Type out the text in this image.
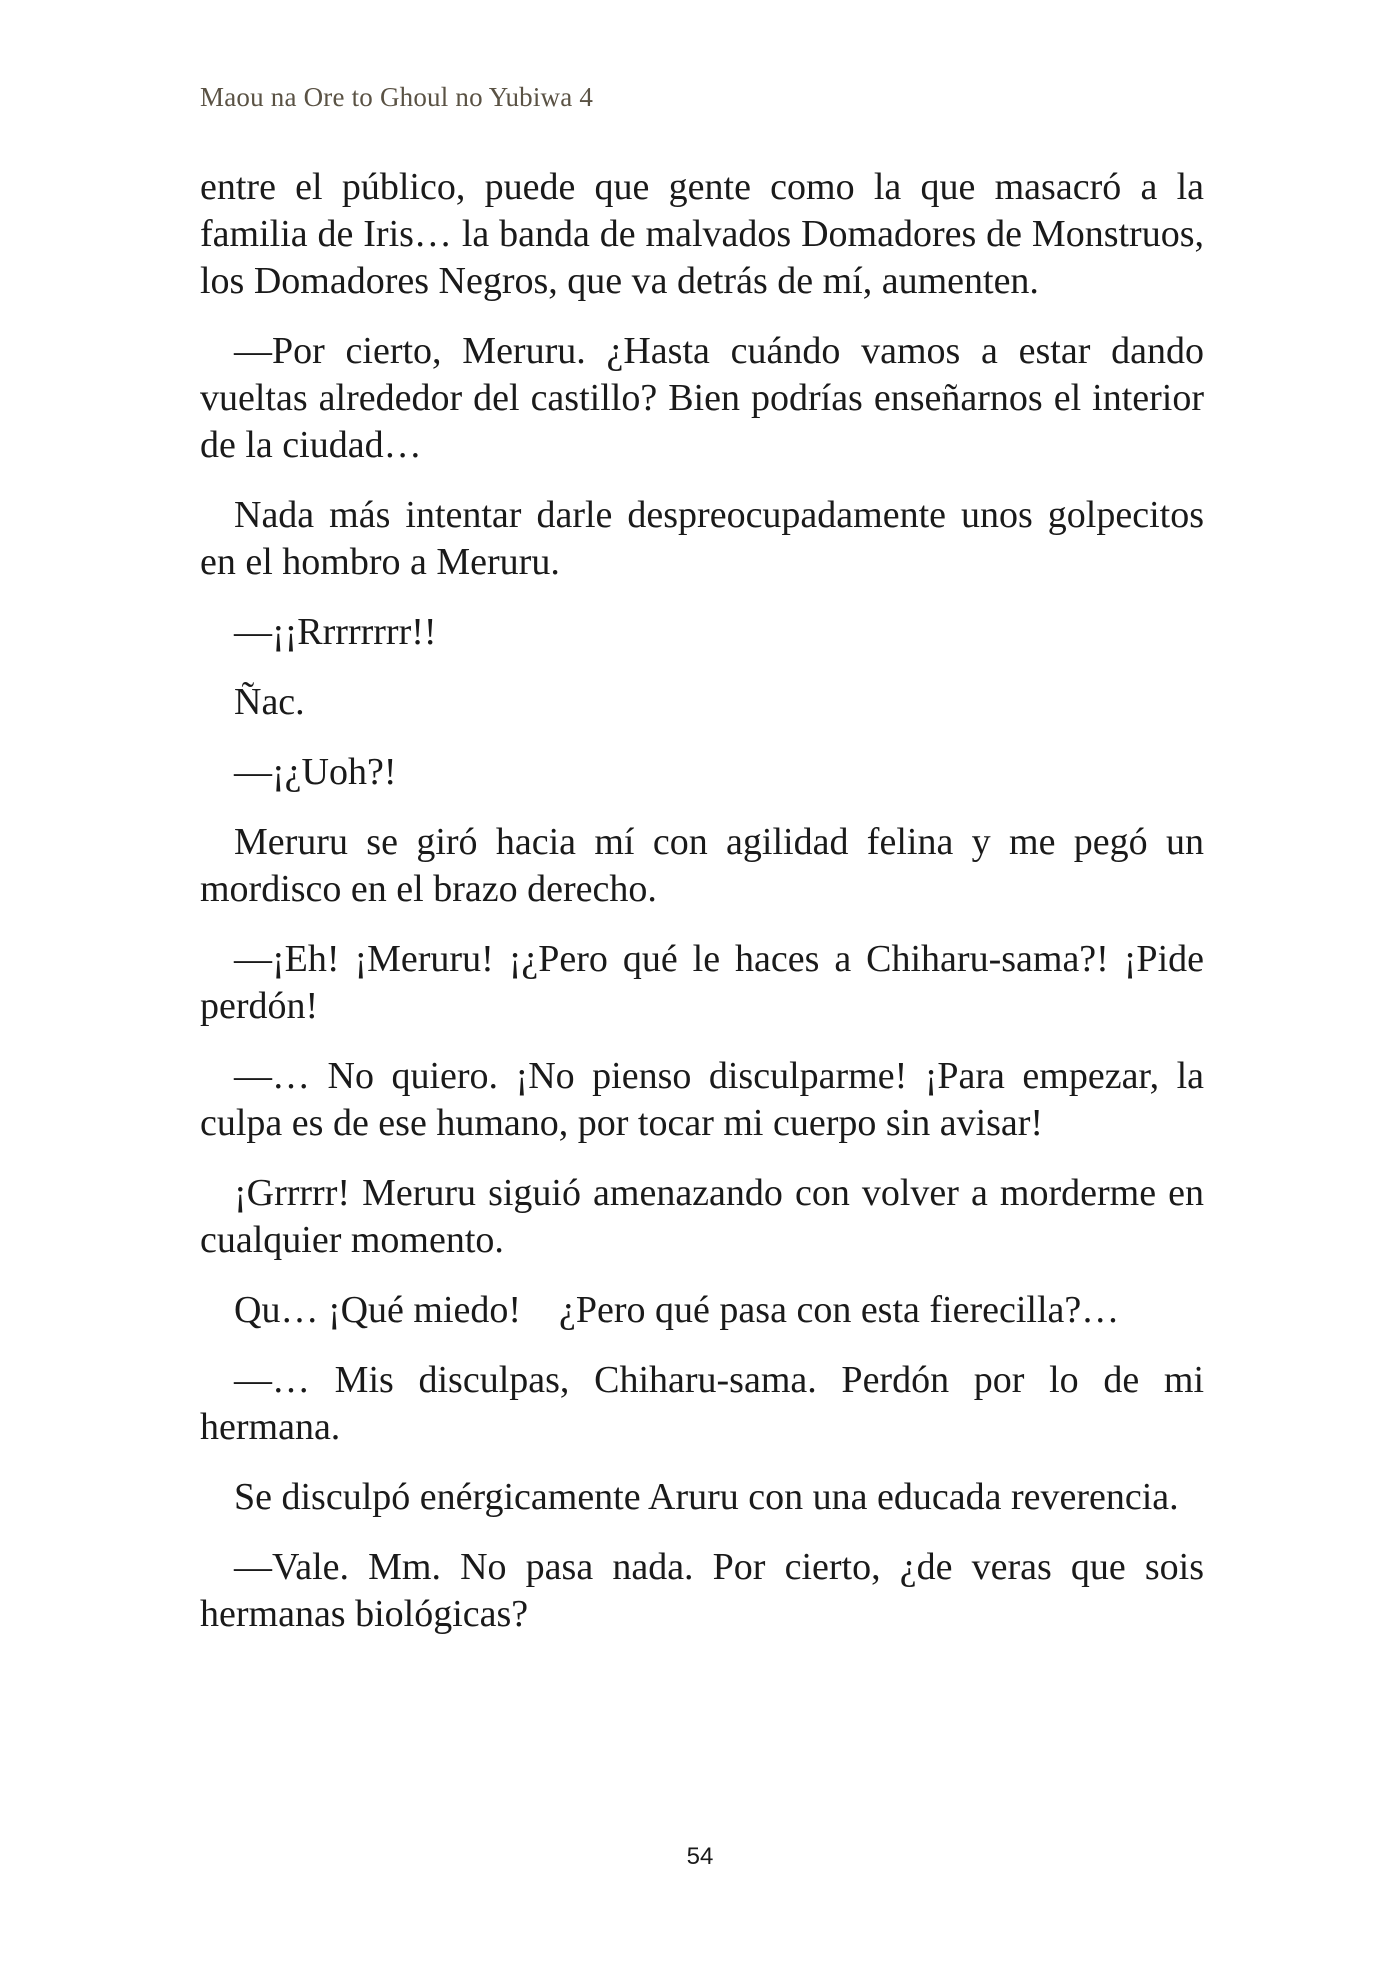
Maou na Ore to Ghoul no Yubiwa 4

entre el público, puede que gente como la que masacró a la familia de Iris… la banda de malvados Domadores de Monstruos, los Domadores Negros, que va detrás de mí, aumenten.

—Por cierto, Meruru. ¿Hasta cuándo vamos a estar dando vueltas alrededor del castillo? Bien podrías enseñarnos el interior de la ciudad…

Nada más intentar darle despreocupadamente unos golpecitos en el hombro a Meruru.

—¡¡Rrrrrrrr!!

Ñac.

—¡¿Uoh?!

Meruru se giró hacia mí con agilidad felina y me pegó un mordisco en el brazo derecho.

—¡Eh! ¡Meruru! ¡¿Pero qué le haces a Chiharu-sama?! ¡Pide perdón!

—… No quiero. ¡No pienso disculparme! ¡Para empezar, la culpa es de ese humano, por tocar mi cuerpo sin avisar!

¡Grrrrr! Meruru siguió amenazando con volver a morderme en cualquier momento.

Qu… ¡Qué miedo!　¿Pero qué pasa con esta fierecilla?…

—… Mis disculpas, Chiharu-sama. Perdón por lo de mi hermana.

Se disculpó enérgicamente Aruru con una educada reverencia.

—Vale. Mm. No pasa nada. Por cierto, ¿de veras que sois hermanas biológicas?

54
